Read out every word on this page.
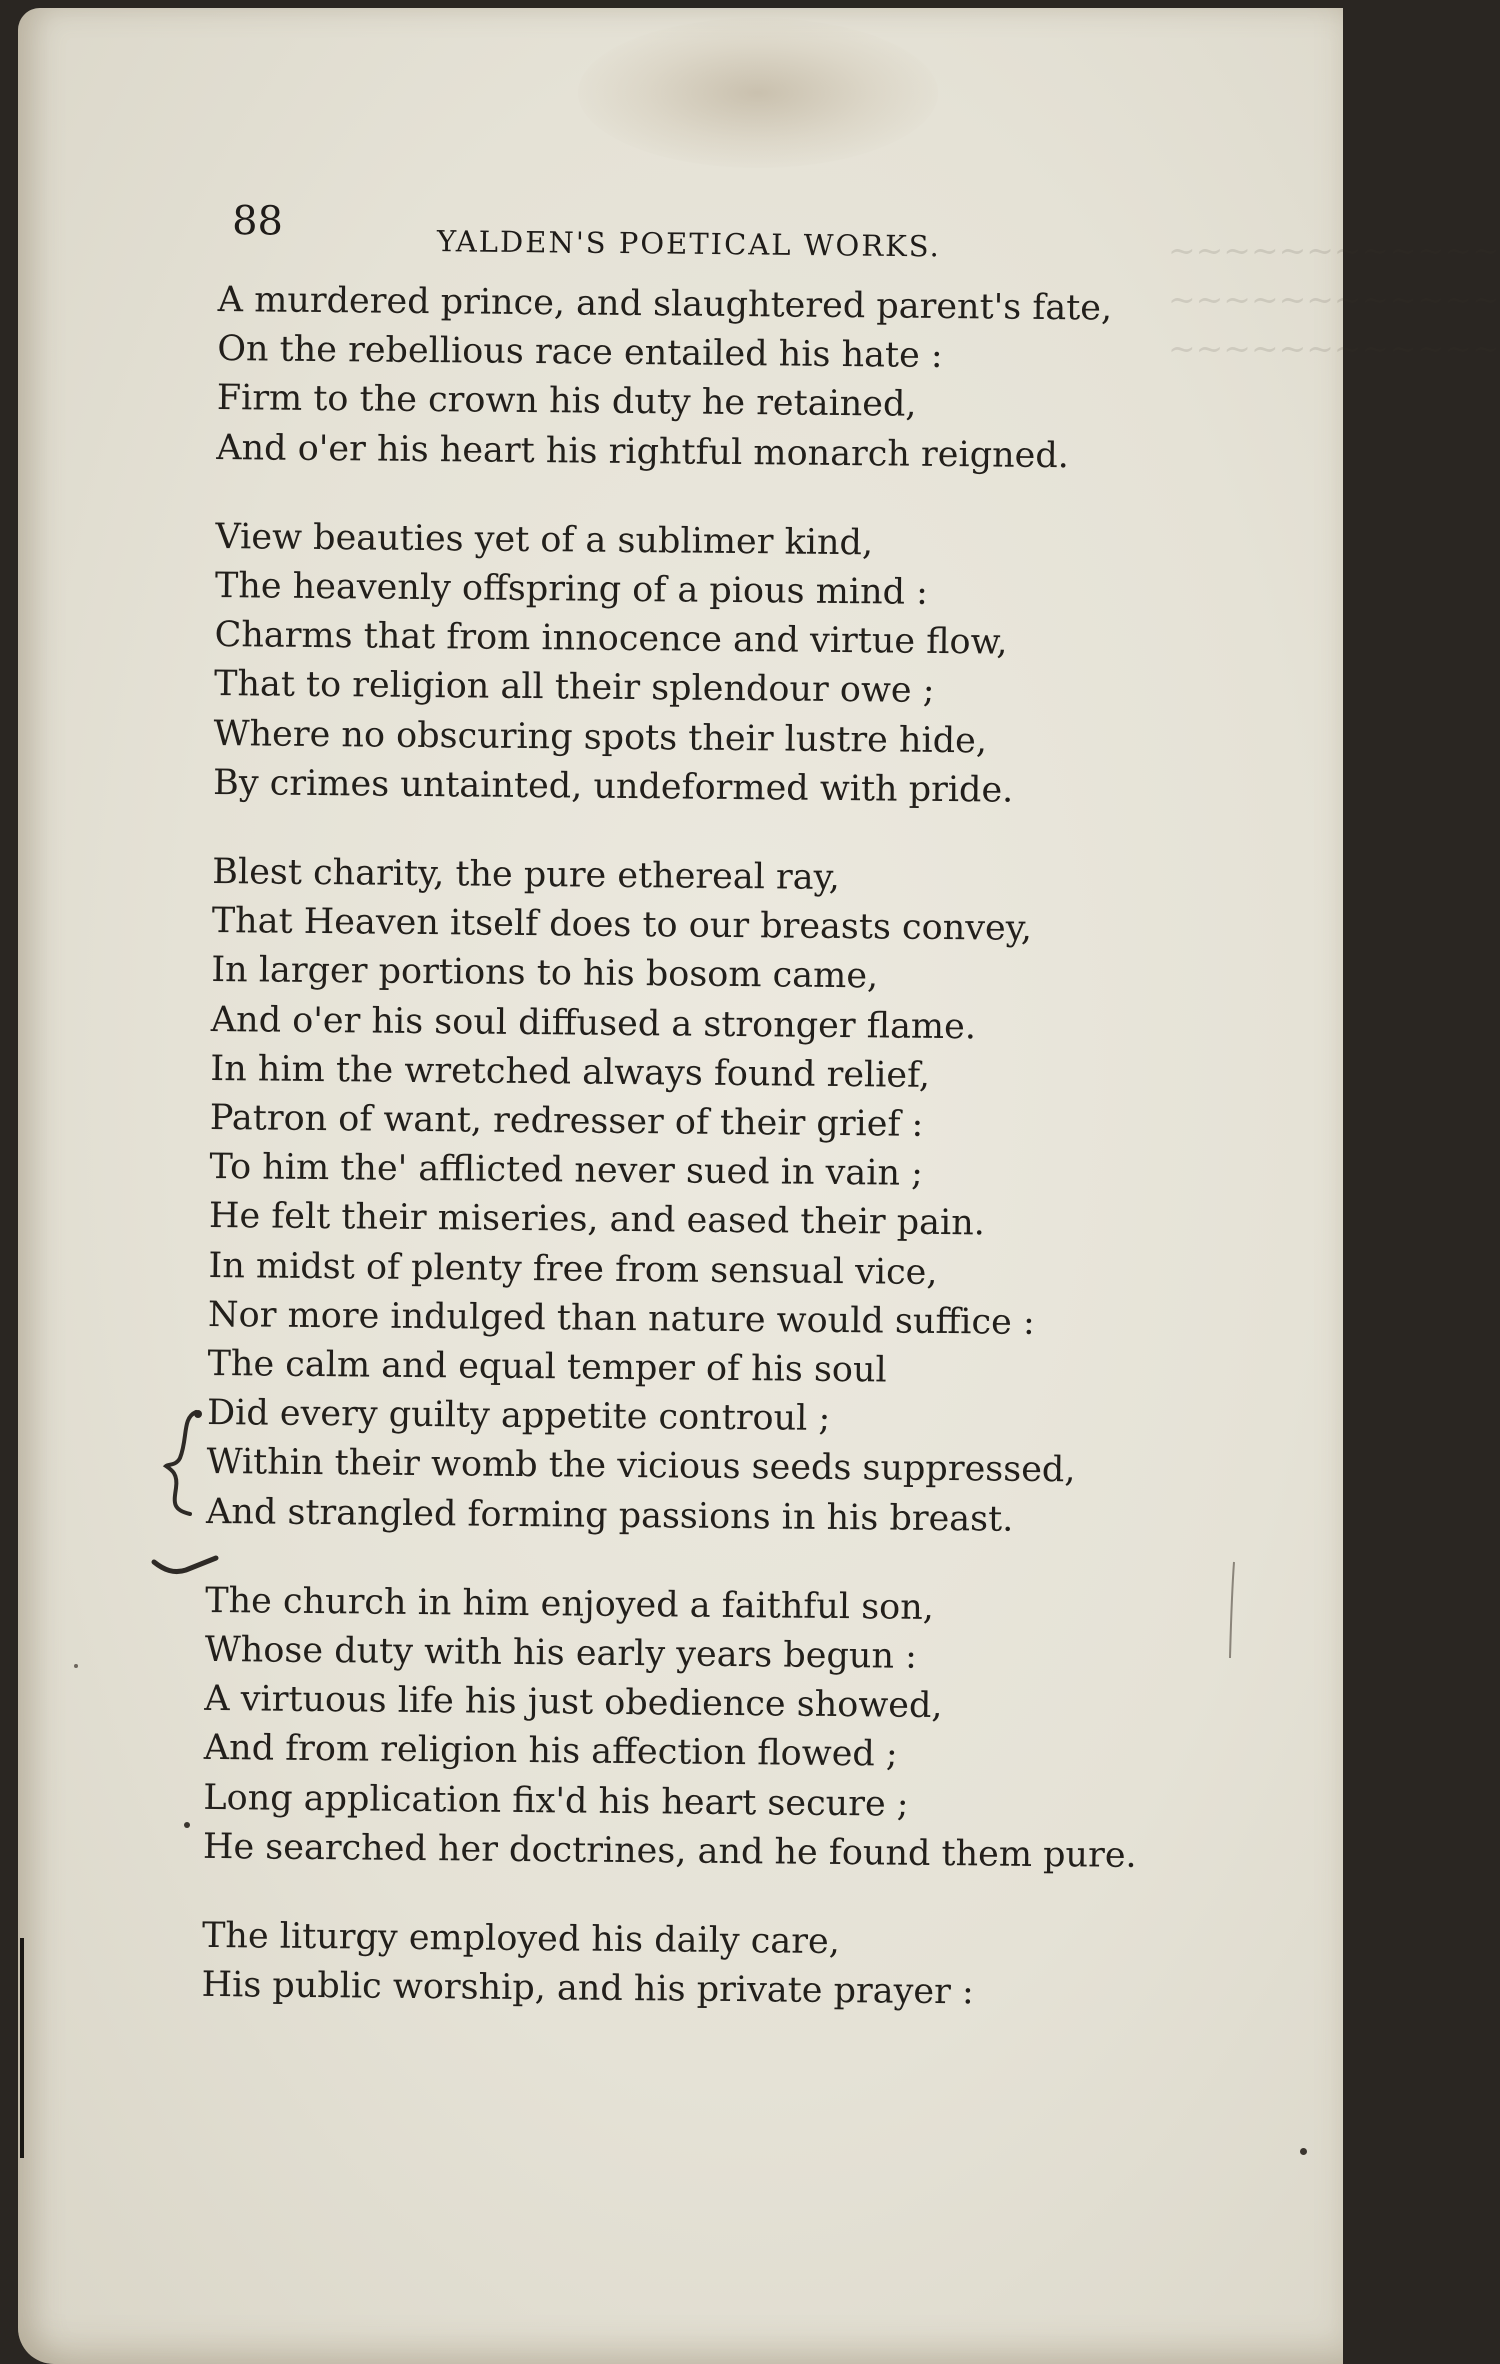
~~~~~~~~~~~~
~~~~~~~~~~~~
~~~~~~~~~~~~
88	YALDEN'S POETICAL WORKS.
A murdered prince, and slaughtered parent's fate,
On the rebellious race entailed his hate :
Firm to the crown his duty he retained,
And o'er his heart his rightful monarch reigned.
View beauties yet of a sublimer kind,
The heavenly offspring of a pious mind :
Charms that from innocence and virtue flow,
That to religion all their splendour owe ;
Where no obscuring spots their lustre hide,
By crimes untainted, undeformed with pride.
Blest charity, the pure ethereal ray,
That Heaven itself does to our breasts convey,
In larger portions to his bosom came,
And o'er his soul diffused a stronger flame.
In him the wretched always found relief,
Patron of want, redresser of their grief :
To him the' afflicted never sued in vain ;
He felt their miseries, and eased their pain.
In midst of plenty free from sensual vice,
Nor more indulged than nature would suffice :
The calm and equal temper of his soul
Did every guilty appetite controul ;
Within their womb the vicious seeds suppressed,
And strangled forming passions in his breast.
The church in him enjoyed a faithful son,
Whose duty with his early years begun :
A virtuous life his just obedience showed,
And from religion his affection flowed ;
Long application fix'd his heart secure ;
He searched her doctrines, and he found them pure.
The liturgy employed his daily care,
His public worship, and his private prayer :
